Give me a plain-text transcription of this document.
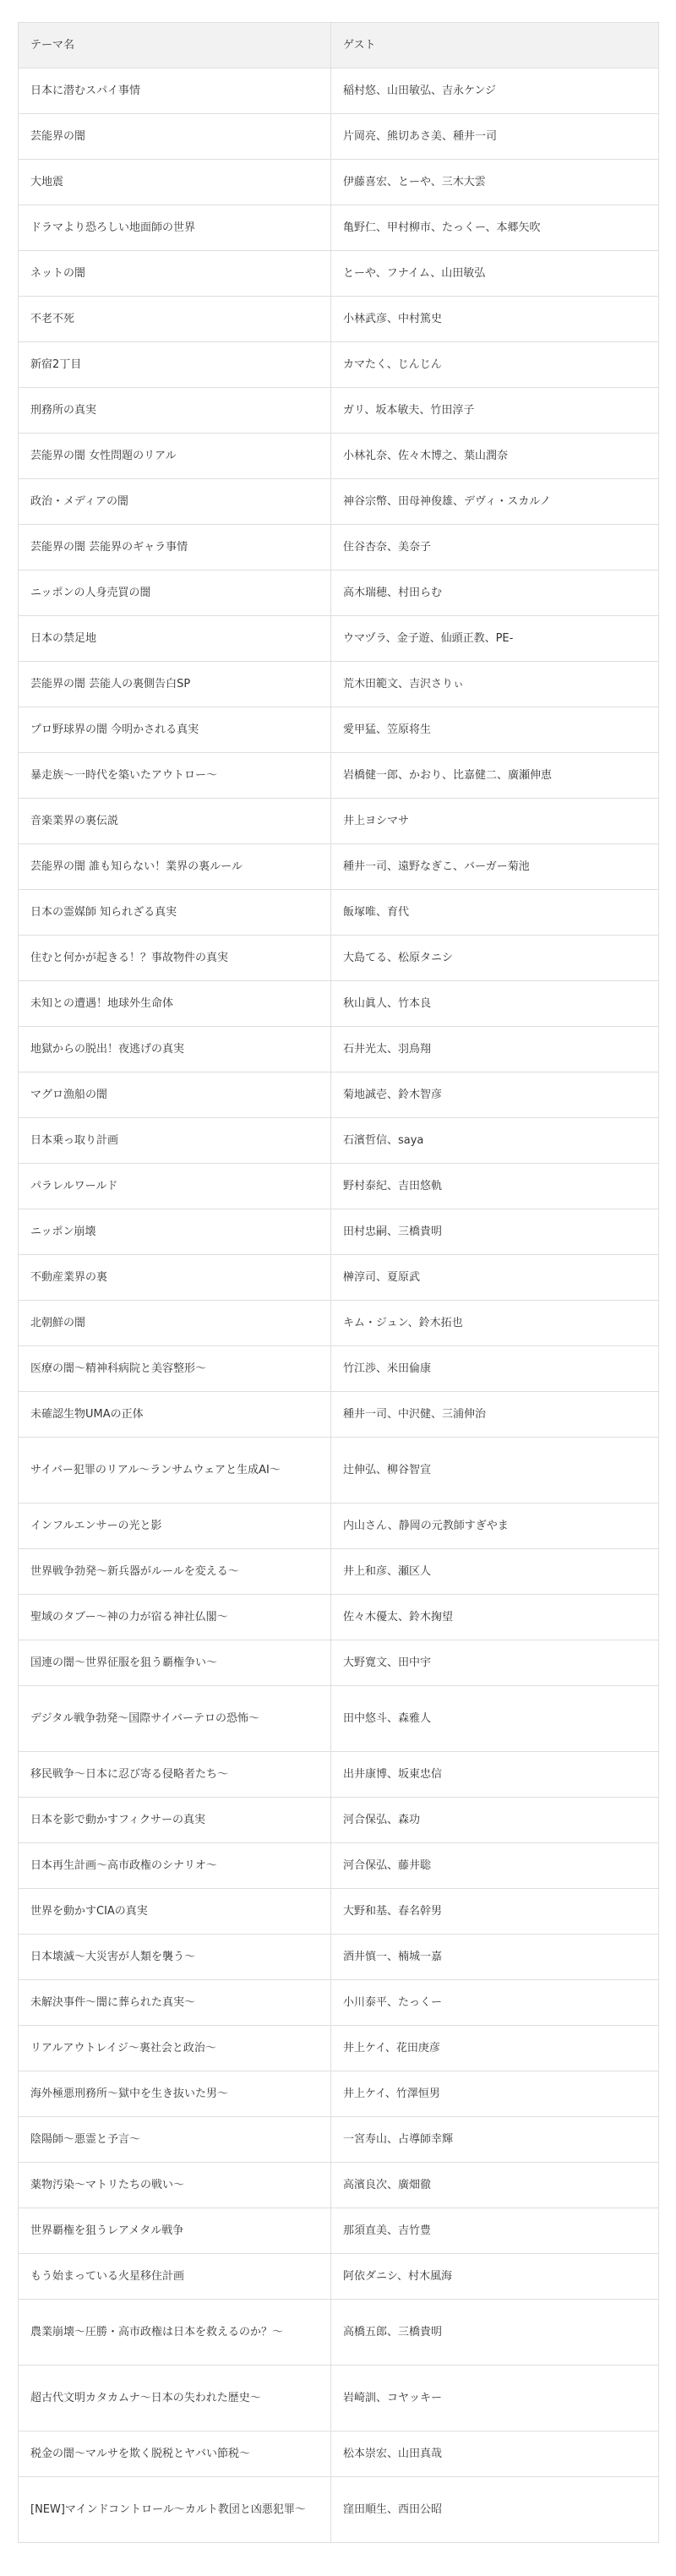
テーマ名	ゲスト
日本に潜むスパイ事情	稲村悠、山田敏弘、吉永ケンジ
芸能界の闇	片岡亮、熊切あさ美、種井一司
大地震	伊藤喜宏、とーや、三木大雲
ドラマより恐ろしい地面師の世界	亀野仁、甲村柳市、たっくー、本郷矢吹
ネットの闇	とーや、フナイム、山田敏弘
不老不死	小林武彦、中村篤史
新宿2丁目	カマたく、じんじん
刑務所の真実	ガリ、坂本敏夫、竹田淳子
芸能界の闇 女性問題のリアル	小林礼奈、佐々木博之、葉山潤奈
政治・メディアの闇	神谷宗幣、田母神俊雄、デヴィ・スカルノ
芸能界の闇 芸能界のギャラ事情	住谷杏奈、美奈子
ニッポンの人身売買の闇	高木瑞穂、村田らむ
日本の禁足地	ウマヅラ、金子遊、仙頭正教、PE-
芸能界の闇 芸能人の裏側告白SP	荒木田範文、吉沢さりぃ
プロ野球界の闇 今明かされる真実	愛甲猛、笠原将生
暴走族〜一時代を築いたアウトロー〜	岩橋健一郎、かおり、比嘉健二、廣瀬伸恵
音楽業界の裏伝説	井上ヨシマサ
芸能界の闇 誰も知らない！業界の裏ルール	種井一司、遠野なぎこ、バーガー菊池
日本の霊媒師 知られざる真実	飯塚唯、育代
住むと何かが起きる！？事故物件の真実	大島てる、松原タニシ
未知との遭遇！地球外生命体	秋山眞人、竹本良
地獄からの脱出！夜逃げの真実	石井光太、羽鳥翔
マグロ漁船の闇	菊地誠壱、鈴木智彦
日本乗っ取り計画	石濱哲信、saya
パラレルワールド	野村泰紀、吉田悠軌
ニッポン崩壊	田村忠嗣、三橋貴明
不動産業界の裏	榊淳司、夏原武
北朝鮮の闇	キム・ジュン、鈴木拓也
医療の闇〜精神科病院と美容整形〜	竹江渉、米田倫康
未確認生物UMAの正体	種井一司、中沢健、三浦伸治
サイバー犯罪のリアル〜ランサムウェアと生成AI〜	辻伸弘、柳谷智宣
インフルエンサーの光と影	内山さん、静岡の元教師すぎやま
世界戦争勃発〜新兵器がルールを変える〜	井上和彦、瀬区人
聖域のタブー〜神の力が宿る神社仏閣〜	佐々木優太、鈴木掬望
国連の闇〜世界征服を狙う覇権争い〜	大野寛文、田中宇
デジタル戦争勃発〜国際サイバーテロの恐怖〜	田中悠斗、森雅人
移民戦争〜日本に忍び寄る侵略者たち〜	出井康博、坂東忠信
日本を影で動かすフィクサーの真実	河合保弘、森功
日本再生計画〜高市政権のシナリオ〜	河合保弘、藤井聡
世界を動かすCIAの真実	大野和基、春名幹男
日本壊滅〜大災害が人類を襲う〜	酒井慎一、楠城一嘉
未解決事件〜闇に葬られた真実〜	小川泰平、たっくー
リアルアウトレイジ〜裏社会と政治〜	井上ケイ、花田庚彦
海外極悪刑務所〜獄中を生き抜いた男〜	井上ケイ、竹澤恒男
陰陽師〜悪霊と予言〜	一宮寿山、占導師幸輝
薬物汚染〜マトリたちの戦い〜	高濱良次、廣畑徹
世界覇権を狙うレアメタル戦争	那須直美、吉竹豊
もう始まっている火星移住計画	阿依ダニシ、村木風海
農業崩壊〜圧勝・高市政権は日本を救えるのか？〜	高橋五郎、三橋貴明
超古代文明カタカムナ〜日本の失われた歴史〜	岩崎訓、コヤッキー
税金の闇〜マルサを欺く脱税とヤバい節税〜	松本崇宏、山田真哉
[NEW]マインドコントロール〜カルト教団と凶悪犯罪〜	窪田順生、西田公昭
